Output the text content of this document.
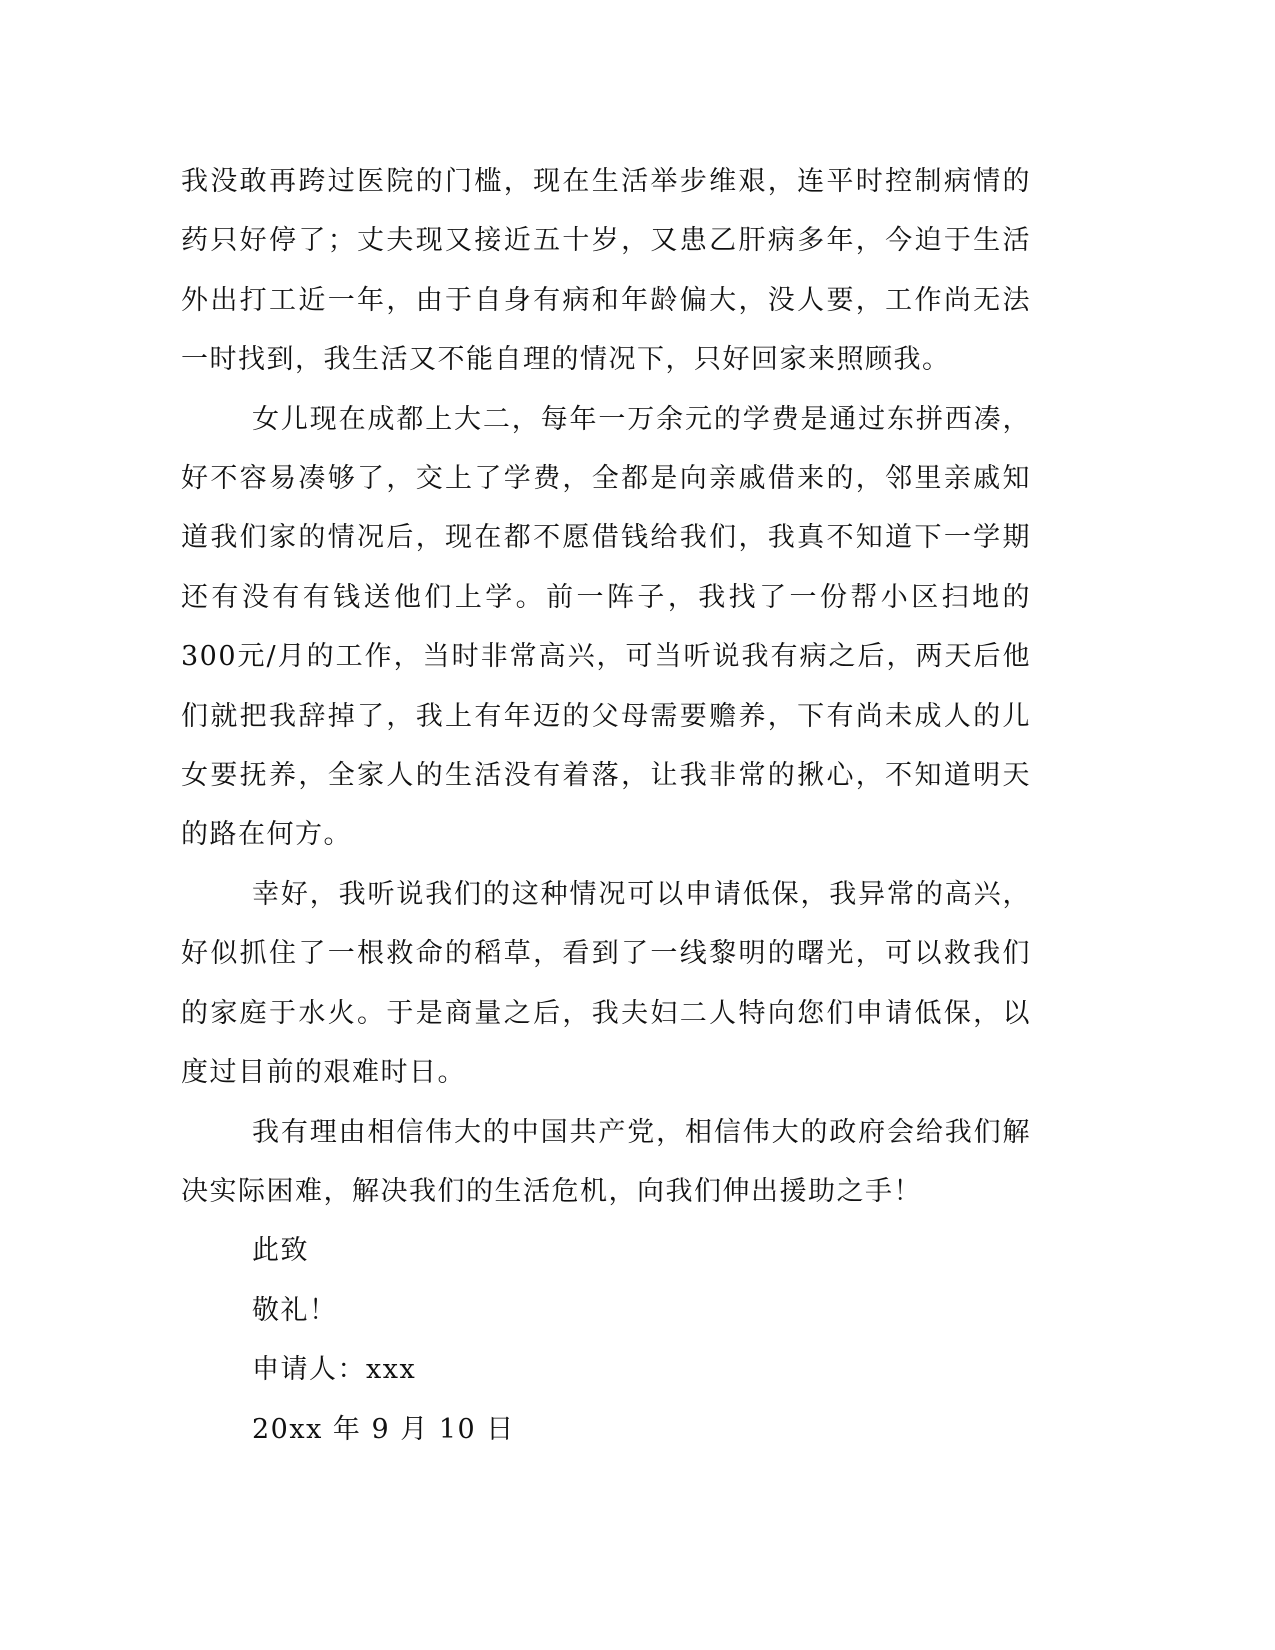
我没敢再跨过医院的门槛，现在生活举步维艰，连平时控制病情的药只好停了；丈夫现又接近五十岁，又患乙肝病多年，今迫于生活外出打工近一年，由于自身有病和年龄偏大，没人要，工作尚无法一时找到，我生活又不能自理的情况下，只好回家来照顾我。

女儿现在成都上大二，每年一万余元的学费是通过东拼西凑，好不容易凑够了，交上了学费，全都是向亲戚借来的，邻里亲戚知道我们家的情况后，现在都不愿借钱给我们，我真不知道下一学期还有没有有钱送他们上学。前一阵子，我找了一份帮小区扫地的300元/月的工作，当时非常高兴，可当听说我有病之后，两天后他们就把我辞掉了，我上有年迈的父母需要赡养，下有尚未成人的儿女要抚养，全家人的生活没有着落，让我非常的揪心，不知道明天的路在何方。

幸好，我听说我们的这种情况可以申请低保，我异常的高兴，好似抓住了一根救命的稻草，看到了一线黎明的曙光，可以救我们的家庭于水火。于是商量之后，我夫妇二人特向您们申请低保，以度过目前的艰难时日。

我有理由相信伟大的中国共产党，相信伟大的政府会给我们解决实际困难，解决我们的生活危机，向我们伸出援助之手！

此致

敬礼！

申请人：xxx

20xx 年 9 月 10 日
